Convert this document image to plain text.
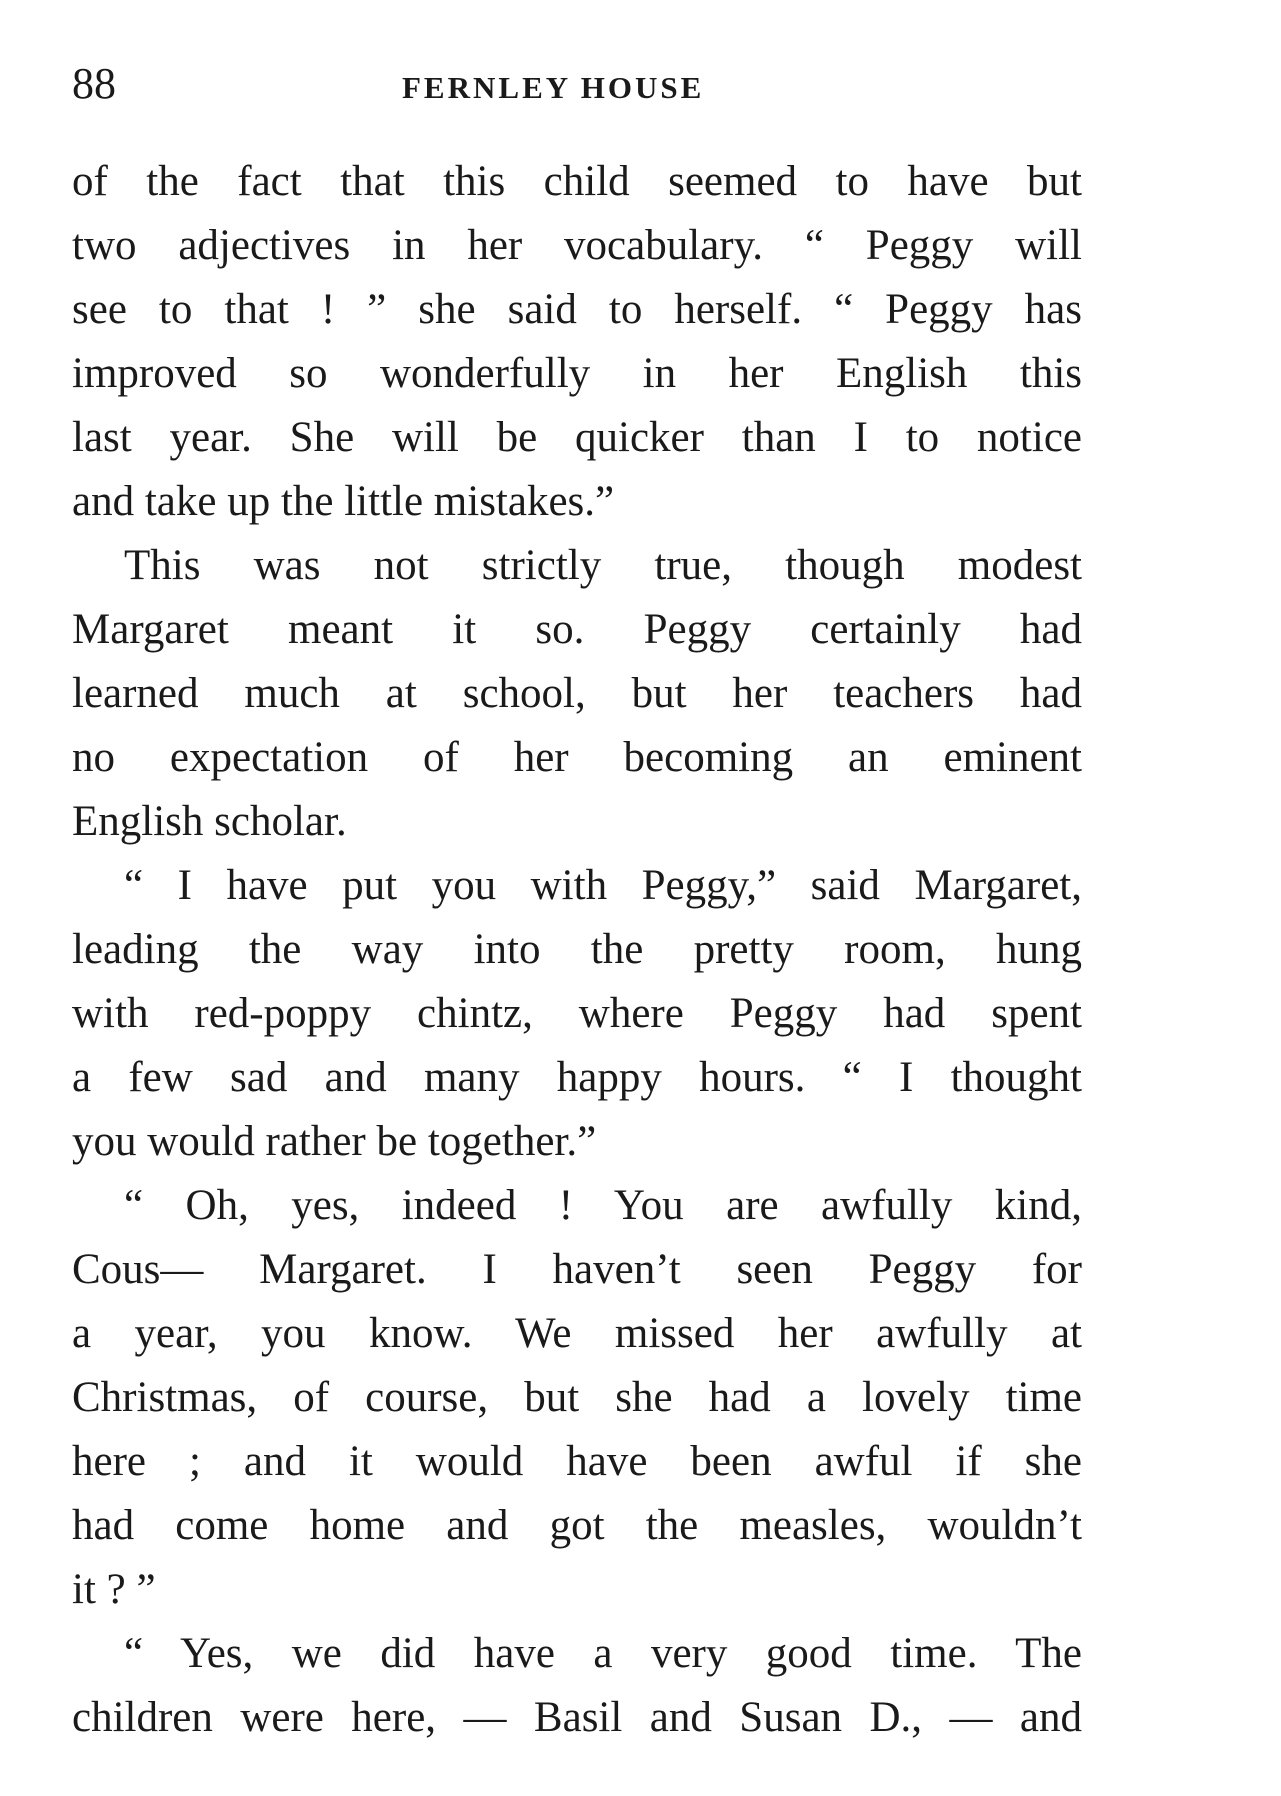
88	FERNLEY HOUSE
of the fact that this child seemed to have but
two adjectives in her vocabulary. “ Peggy will
see to that ! ” she said to herself. “ Peggy has
improved so wonderfully in her English this
last year. She will be quicker than I to notice
and take up the little mistakes.”
This was not strictly true, though modest
Margaret meant it so. Peggy certainly had
learned much at school, but her teachers had
no expectation of her becoming an eminent
English scholar.
“ I have put you with Peggy,” said Margaret,
leading the way into the pretty room, hung
with red-poppy chintz, where Peggy had spent
a few sad and many happy hours. “ I thought
you would rather be together.”
“ Oh, yes, indeed ! You are awfully kind,
Cous— Margaret. I haven’t seen Peggy for
a year, you know. We missed her awfully at
Christmas, of course, but she had a lovely time
here ; and it would have been awful if she
had come home and got the measles, wouldn’t
it ? ”
“ Yes, we did have a very good time. The
children were here, — Basil and Susan D., — and
